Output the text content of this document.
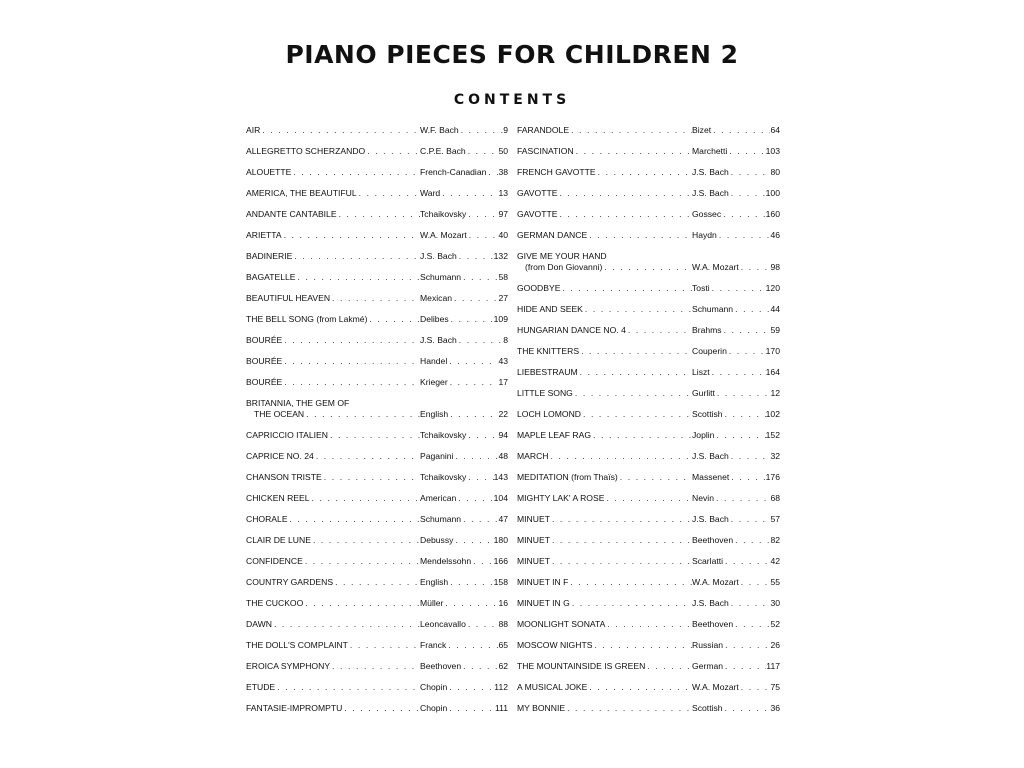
PIANO PIECES FOR CHILDREN 2
CONTENTS
AIR . . .	W.F. Bach . . .	9
ALLEGRETTO SCHERZANDO . . .	C.P.E. Bach . . .	50
ALOUETTE . . .	French-Canadian . . . 38
AMERICA, THE BEAUTIFUL . . .	Ward . . .	13
ANDANTE CANTABILE . . .	Tchaikovsky . . .	97
ARIETTA . . .	W.A. Mozart . . .	40
BADINERIE . . .	J.S. Bach . . .	132
BAGATELLE . . .	Schumann . . .	58
BEAUTIFUL HEAVEN . . .	Mexican . . .	27
THE BELL SONG (from Lakmé) . . .	Delibes . . .	109
BOURÉE . . .	J.S. Bach . . .	8
BOURÉE . . .	Handel . . .	43
BOURÉE . . .	Krieger . . .	17
BRITANNIA, THE GEM OF
THE OCEAN . . .	English . . .	22
CAPRICCIO ITALIEN . . .	Tchaikovsky . . .	94
CAPRICE NO. 24 . . .	Paganini . . .	48
CHANSON TRISTE . . .	Tchaikovsky . . .	143
CHICKEN REEL . . .	American . . .	104
CHORALE . . .	Schumann . . .	47
CLAIR DE LUNE . . .	Debussy . . .	180
CONFIDENCE . . .	Mendelssohn . . .	166
COUNTRY GARDENS . . .	English . . .	158
THE CUCKOO . . .	Müller . . .	16
DAWN . . .	Leoncavallo . . .	88
THE DOLL'S COMPLAINT . . .	Franck . . .	65
EROICA SYMPHONY . . .	Beethoven . . .	62
ETUDE . . .	Chopin . . .	112
FANTASIE-IMPROMPTU . . .	Chopin . . .	111
FARANDOLE . . .	Bizet . . .	64
FASCINATION . . .	Marchetti . . .	103
FRENCH GAVOTTE . . .	J.S. Bach . . .	80
GAVOTTE . . .	J.S. Bach . . .	100
GAVOTTE . . .	Gossec . . .	160
GERMAN DANCE . . .	Haydn . . .	46
GIVE ME YOUR HAND
(from Don Giovanni) . . .	W.A. Mozart . . .	98
GOODBYE . . .	Tosti . . .	120
HIDE AND SEEK . . .	Schumann . . .	44
HUNGARIAN DANCE NO. 4 . . .	Brahms . . .	59
THE KNITTERS . . .	Couperin . . .	170
LIEBESTRAUM . . .	Liszt . . .	164
LITTLE SONG . . .	Gurlitt . . .	12
LOCH LOMOND . . .	Scottish . . .	102
MAPLE LEAF RAG . . .	Joplin . . .	152
MARCH . . .	J.S. Bach . . .	32
MEDITATION (from Thaïs) . . .	Massenet . . .	176
MIGHTY LAK' A ROSE . . .	Nevin . . .	68
MINUET . . .	J.S. Bach . . .	57
MINUET . . .	Beethoven . . .	82
MINUET . . .	Scarlatti . . .	42
MINUET IN F . . .	W.A. Mozart . . .	55
MINUET IN G . . .	J.S. Bach . . .	30
MOONLIGHT SONATA . . .	Beethoven . . .	52
MOSCOW NIGHTS . . .	Russian . . .	26
THE MOUNTAINSIDE IS GREEN . . .	German . . .	117
A MUSICAL JOKE . . .	W.A. Mozart . . .	75
MY BONNIE . . .	Scottish . . .	36
